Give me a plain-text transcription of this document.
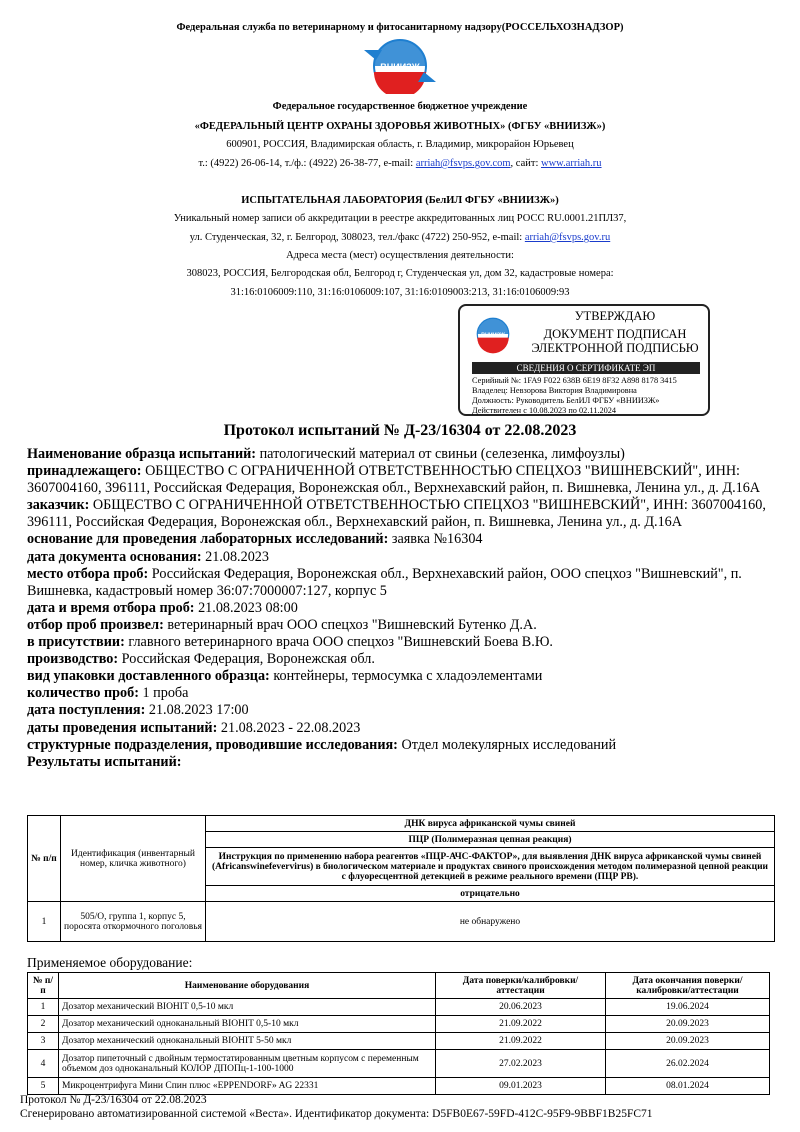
Федеральная служба по ветеринарному и фитосанитарному надзору(РОССЕЛЬХОЗНАДЗОР)
ВНИИЗЖ
Федеральное государственное бюджетное учреждение
«ФЕДЕРАЛЬНЫЙ ЦЕНТР ОХРАНЫ ЗДОРОВЬЯ ЖИВОТНЫХ» (ФГБУ «ВНИИЗЖ»)
600901, РОССИЯ, Владимирская область, г. Владимир, микрорайон Юрьевец
т.: (4922) 26-06-14, т./ф.: (4922) 26-38-77, e-mail: arriah@fsvps.gov.com, сайт: www.arriah.ru
ИСПЫТАТЕЛЬНАЯ ЛАБОРАТОРИЯ (БелИЛ ФГБУ «ВНИИЗЖ»)
Уникальный номер записи об аккредитации в реестре аккредитованных лиц РОСС RU.0001.21ПЛ37,
ул. Студенческая, 32, г. Белгород, 308023, тел./факс (4722) 250-952, e-mail: arriah@fsvps.gov.ru
Адреса места (мест) осуществления деятельности:
308023, РОССИЯ, Белгородская обл, Белгород г, Студенческая ул, дом 32, кадастровые номера:
31:16:0106009:110, 31:16:0106009:107, 31:16:0109003:213, 31:16:0106009:93
ВНИИЗЖ
УТВЕРЖДАЮ
ДОКУМЕНТ ПОДПИСАН
ЭЛЕКТРОННОЙ ПОДПИСЬЮ
СВЕДЕНИЯ О СЕРТИФИКАТЕ ЭП
Серийный №: 1FA9 F022 638B 6E19 8F32 A898 8178 3415
Владелец: Невзорова Виктория Владимировна
Должность: Руководитель БелИЛ ФГБУ «ВНИИЗЖ»
Действителен с 10.08.2023 по 02.11.2024
Протокол испытаний № Д-23/16304 от 22.08.2023
Наименование образца испытаний: патологический материал от свиньи (селезенка, лимфоузлы)
принадлежащего: ОБЩЕСТВО С ОГРАНИЧЕННОЙ ОТВЕТСТВЕННОСТЬЮ СПЕЦХОЗ "ВИШНЕВСКИЙ", ИНН: 3607004160, 396111, Российская Федерация, Воронежская обл., Верхнехавский район, п. Вишневка, Ленина ул., д. Д.16А
заказчик: ОБЩЕСТВО С ОГРАНИЧЕННОЙ ОТВЕТСТВЕННОСТЬЮ СПЕЦХОЗ "ВИШНЕВСКИЙ", ИНН: 3607004160, 396111, Российская Федерация, Воронежская обл., Верхнехавский район, п. Вишневка, Ленина ул., д. Д.16А
основание для проведения лабораторных исследований: заявка №16304
дата документа основания: 21.08.2023
место отбора проб: Российская Федерация, Воронежская обл., Верхнехавский район, ООО спецхоз "Вишневский", п. Вишневка, кадастровый номер 36:07:7000007:127, корпус 5
дата и время отбора проб: 21.08.2023 08:00
отбор проб произвел: ветеринарный врач ООО спецхоз "Вишневский Бутенко Д.А.
в присутствии: главного ветеринарного врача ООО спецхоз "Вишневский Боева В.Ю.
производство: Российская Федерация, Воронежская обл.
вид упаковки доставленного образца: контейнеры, термосумка с хладоэлементами
количество проб: 1 проба
дата поступления: 21.08.2023 17:00
даты проведения испытаний: 21.08.2023 - 22.08.2023
структурные подразделения, проводившие исследования: Отдел молекулярных исследований
Результаты испытаний:
№ п/п	Идентификация (инвентарный номер, кличка животного)	ДНК вируса африканской чумы свиней
		ПЦР (Полимеразная цепная реакция)
		Инструкция по применению набора реагентов «ПЦР-АЧС-ФАКТОР», для выявления ДНК вируса африканской чумы свиней (Africanswinefevervirus) в биологическом материале и продуктах свиного происхождения методом полимеразной цепной реакции с флуоресцентной детекцией в режиме реального времени (ПЦР РВ).
		отрицательно
1	505/О, группа 1, корпус 5, поросята откормочного поголовья	не обнаружено
Применяемое оборудование:
№ п/п	Наименование оборудования	Дата поверки/калибровки/аттестации	Дата окончания поверки/калибровки/аттестации
1	Дозатор механический BIOHIT 0,5-10 мкл	20.06.2023	19.06.2024
2	Дозатор механический одноканальный BIOHIT 0,5-10 мкл	21.09.2022	20.09.2023
3	Дозатор механический одноканальный BIOHIT 5-50 мкл	21.09.2022	20.09.2023
4	Дозатор пипеточный с двойным термостатированным цветным корпусом с переменным объемом доз одноканальный КОЛОР ДПОПц-1-100-1000	27.02.2023	26.02.2024
5	Микроцентрифуга Мини Спин плюс «EPPENDORF» AG 22331	09.01.2023	08.01.2024
Протокол № Д-23/16304 от 22.08.2023
Сгенерировано автоматизированной системой «Веста». Идентификатор документа: D5FB0E67-59FD-412C-95F9-9BBF1B25FC71
